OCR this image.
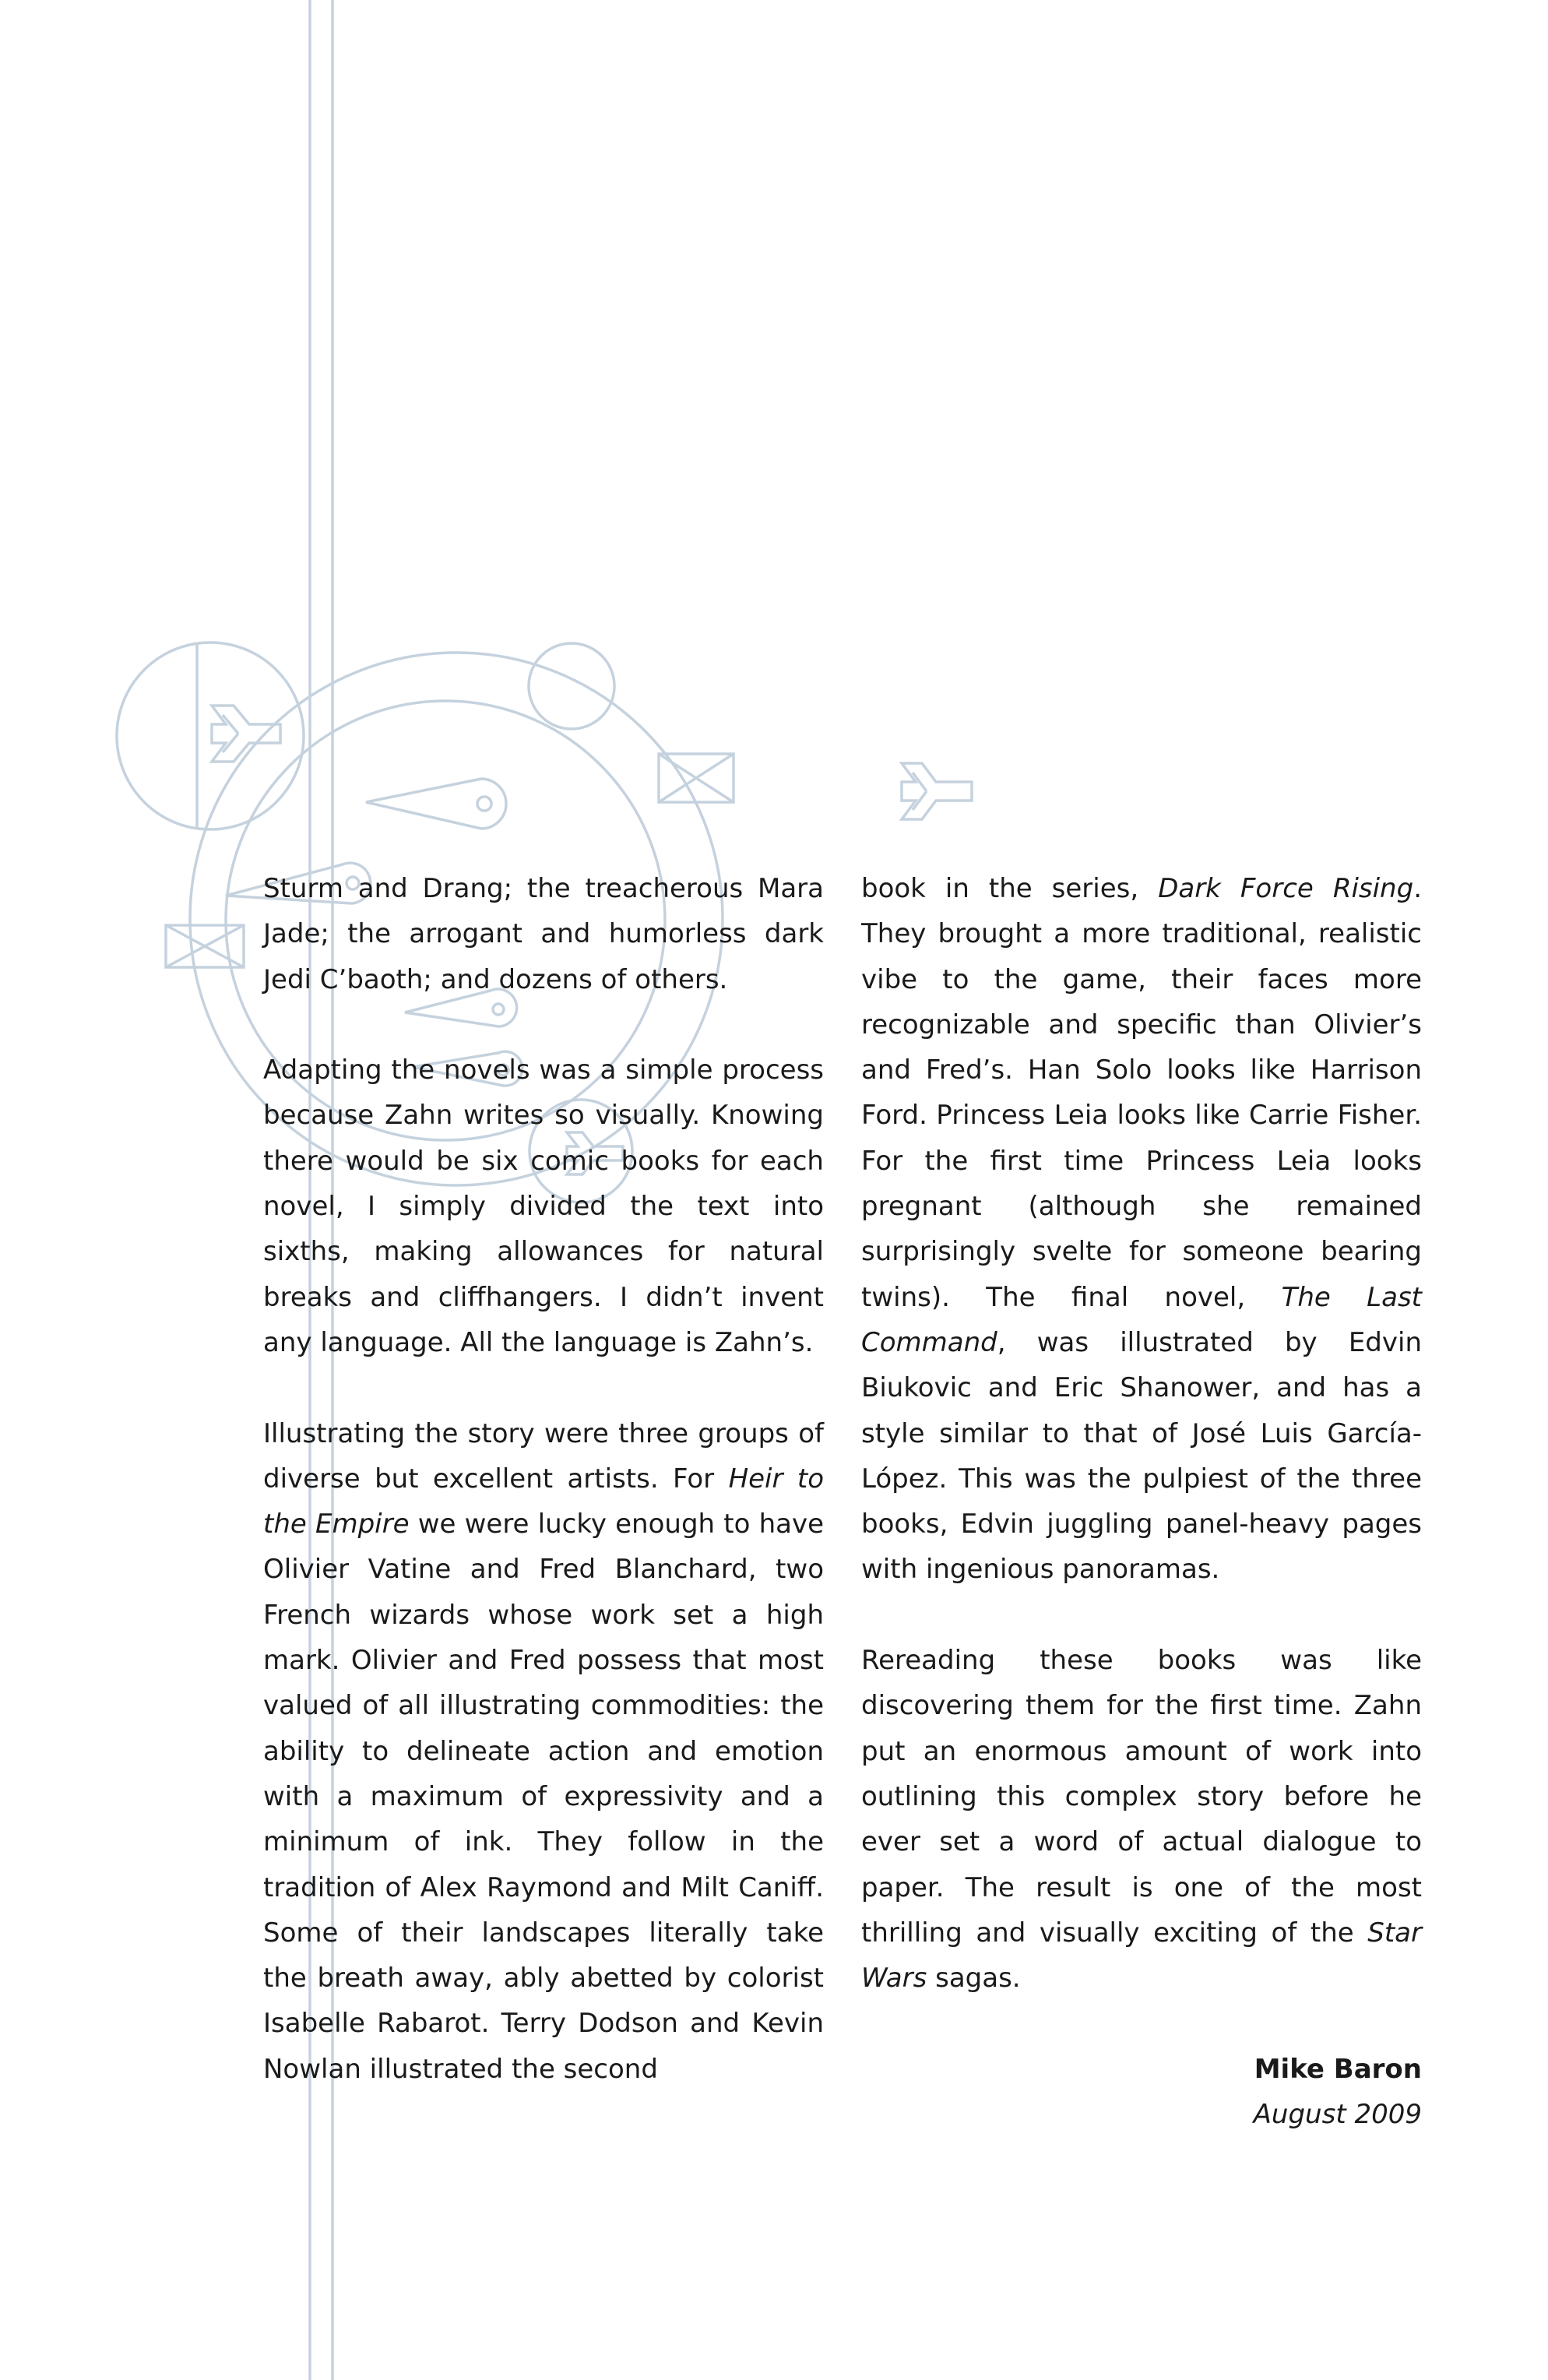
Sturm and Drang; the treacherous Mara Jade; the arrogant and humorless dark Jedi C’baoth; and dozens of others.

Adapting the novels was a simple process because Zahn writes so visually. Knowing there would be six comic books for each novel, I simply divided the text into sixths, making allowances for natural breaks and cliffhangers. I didn’t invent any language. All the language is Zahn’s.

Illustrating the story were three groups of diverse but excellent artists. For Heir to the Empire we were lucky enough to have Olivier Vatine and Fred Blanchard, two French wizards whose work set a high mark. Olivier and Fred possess that most valued of all illustrating commodities: the ability to delineate action and emotion with a maximum of expressivity and a minimum of ink. They follow in the tradition of Alex Raymond and Milt Caniff. Some of their landscapes literally take the breath away, ably abetted by colorist Isabelle Rabarot. Terry Dodson and Kevin Nowlan illustrated the second

book in the series, Dark Force Rising. They brought a more traditional, realistic vibe to the game, their faces more recognizable and specific than Olivier’s and Fred’s. Han Solo looks like Harrison Ford. Princess Leia looks like Carrie Fisher. For the first time Princess Leia looks pregnant (although she remained surprisingly svelte for someone bearing twins). The final novel, The Last Command, was illustrated by Edvin Biukovic and Eric Shanower, and has a style similar to that of José Luis García-López. This was the pulpiest of the three books, Edvin juggling panel-heavy pages with ingenious panoramas.

Rereading these books was like discovering them for the first time. Zahn put an enormous amount of work into outlining this complex story before he ever set a word of actual dialogue to paper. The result is one of the most thrilling and visually exciting of the Star Wars sagas.

Mike Baron
August 2009
